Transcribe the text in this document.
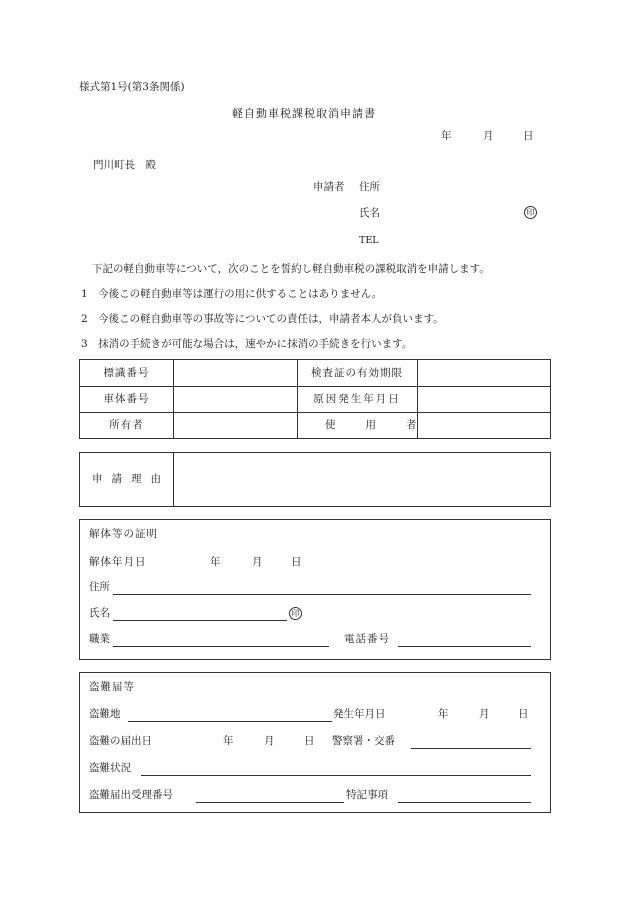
様式第1号(第3条関係)
軽自動車税課税取消申請書
年	月	日
門川町長　殿
申請者 住所
氏名	印
TEL
下記の軽自動車等について，次のことを誓約し軽自動車税の課税取消を申請します。
1　今後この軽自動車等は運行の用に供することはありません。
2　今後この軽自動車等の事故等についての責任は，申請者本人が負います。
3　抹消の手続きが可能な場合は，速やかに抹消の手続きを行います。
標識番号	検査証の有効期限
車体番号	原因発生年月日
所有者	使用者
申請理由
解体等の証明
解体年月日	年	月	日
住所
氏名	印
職業	電話番号
盗難届等
盗難地	発生年月日	年	月	日
盗難の届出日	年	月	日 警察署・交番
盗難状況
盗難届出受理番号	特記事項
